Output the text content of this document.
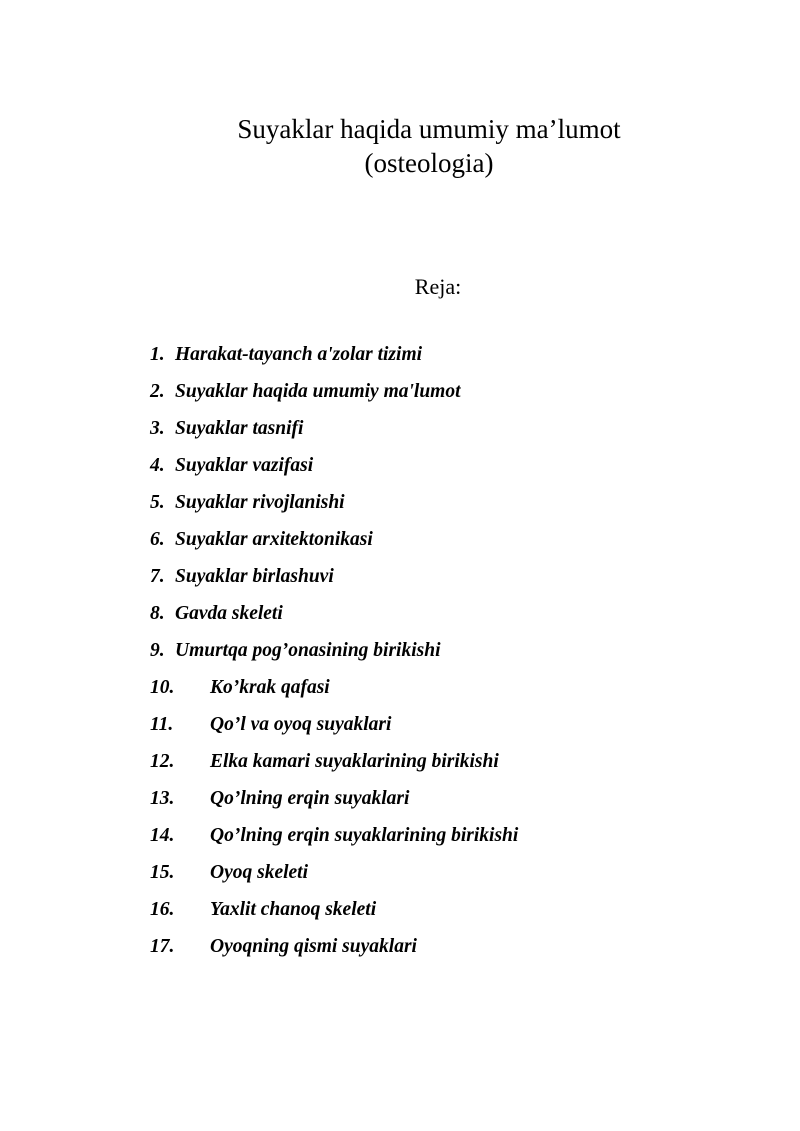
Suyaklar haqida umumiy ma’lumot
(osteologia)
Reja:
1. Harakat-tayanch a'zolar tizimi
2. Suyaklar haqida umumiy ma'lumot
3. Suyaklar tasnifi
4. Suyaklar vazifasi
5. Suyaklar rivojlanishi
6. Suyaklar arxitektonikasi
7. Suyaklar birlashuvi
8. Gavda skeleti
9. Umurtqa pog’onasining birikishi
10. Ko’krak qafasi
11. Qo’l va oyoq suyaklari
12. Elka kamari suyaklarining birikishi
13. Qo’lning erqin suyaklari
14. Qo’lning erqin suyaklarining birikishi
15. Oyoq skeleti
16. Yaxlit chanoq skeleti
17. Oyoqning qismi suyaklari
